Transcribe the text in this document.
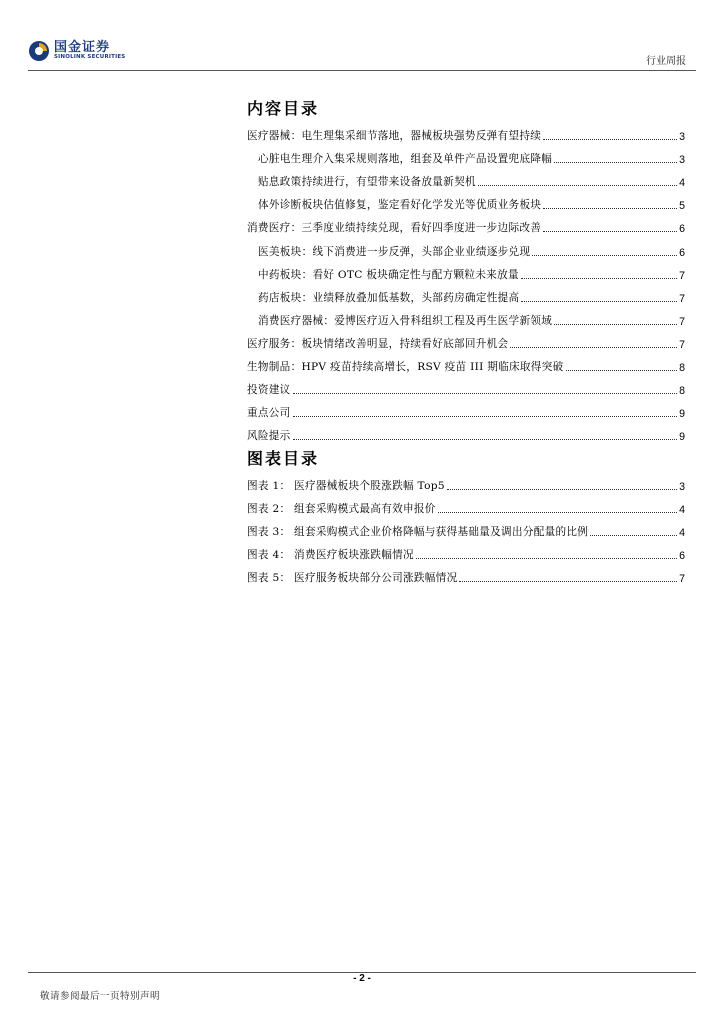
国金证券
SINOLINK SECURITIES	行业周报
内容目录
医疗器械：电生理集采细节落地，器械板块强势反弹有望持续	3
心脏电生理介入集采规则落地，组套及单件产品设置兜底降幅	3
贴息政策持续进行，有望带来设备放量新契机	4
体外诊断板块估值修复，鉴定看好化学发光等优质业务板块	5
消费医疗：三季度业绩持续兑现，看好四季度进一步边际改善	6
医美板块：线下消费进一步反弹，头部企业业绩逐步兑现	6
中药板块：看好 OTC 板块确定性与配方颗粒未来放量	7
药店板块：业绩释放叠加低基数，头部药房确定性提高	7
消费医疗器械：爱博医疗迈入骨科组织工程及再生医学新领域	7
医疗服务：板块情绪改善明显，持续看好底部回升机会	7
生物制品：HPV 疫苗持续高增长，RSV 疫苗 III 期临床取得突破	8
投资建议	8
重点公司	9
风险提示	9
图表目录
图表 1： 医疗器械板块个股涨跌幅 Top5	3
图表 2： 组套采购模式最高有效申报价	4
图表 3： 组套采购模式企业价格降幅与获得基础量及调出分配量的比例	4
图表 4： 消费医疗板块涨跌幅情况	6
图表 5： 医疗服务板块部分公司涨跌幅情况	7
- 2 -
敬请参阅最后一页特别声明
